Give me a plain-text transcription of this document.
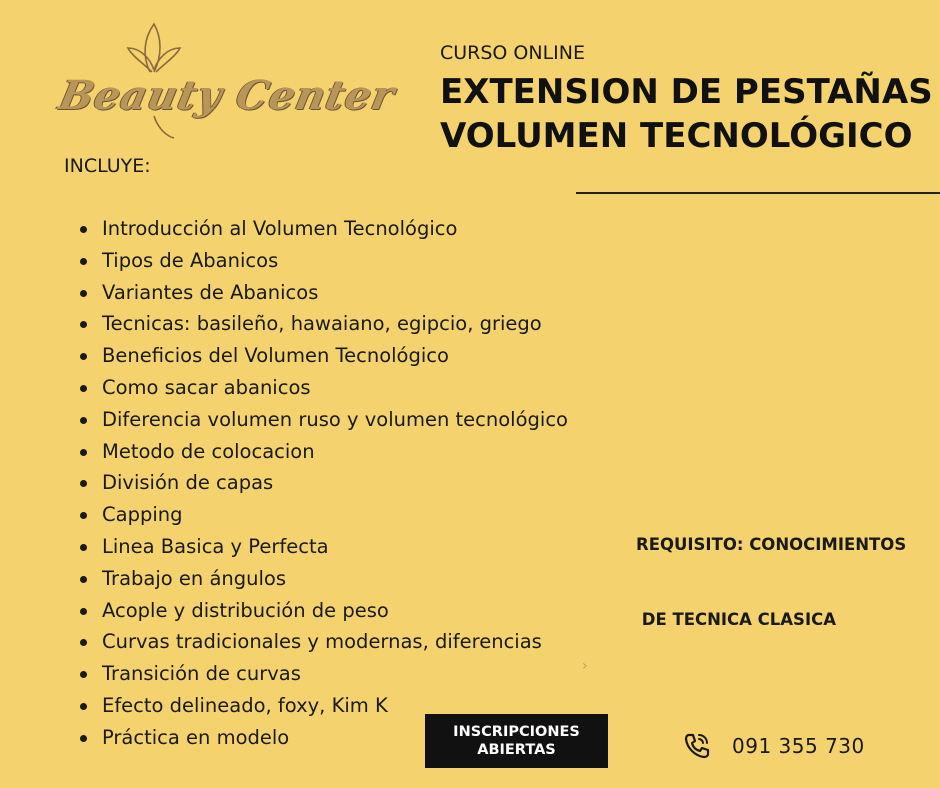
Beauty Center
CURSO ONLINE
EXTENSION DE PESTAÑAS
VOLUMEN TECNOLÓGICO
INCLUYE:
Introducción al Volumen Tecnológico
Tipos de Abanicos
Variantes de Abanicos
Tecnicas: basileño, hawaiano, egipcio, griego
Beneficios del Volumen Tecnológico
Como sacar abanicos
Diferencia volumen ruso y volumen tecnológico
Metodo de colocacion
División de capas
Capping
Linea Basica y Perfecta
Trabajo en ángulos
Acople y distribución de peso
Curvas tradicionales y modernas, diferencias
Transición de curvas
Efecto delineado, foxy, Kim K
Práctica en modelo

REQUISITO: CONOCIMIENTOS

DE TECNICA CLASICA

›
INSCRIPCIONES
ABIERTAS	091 355 730
